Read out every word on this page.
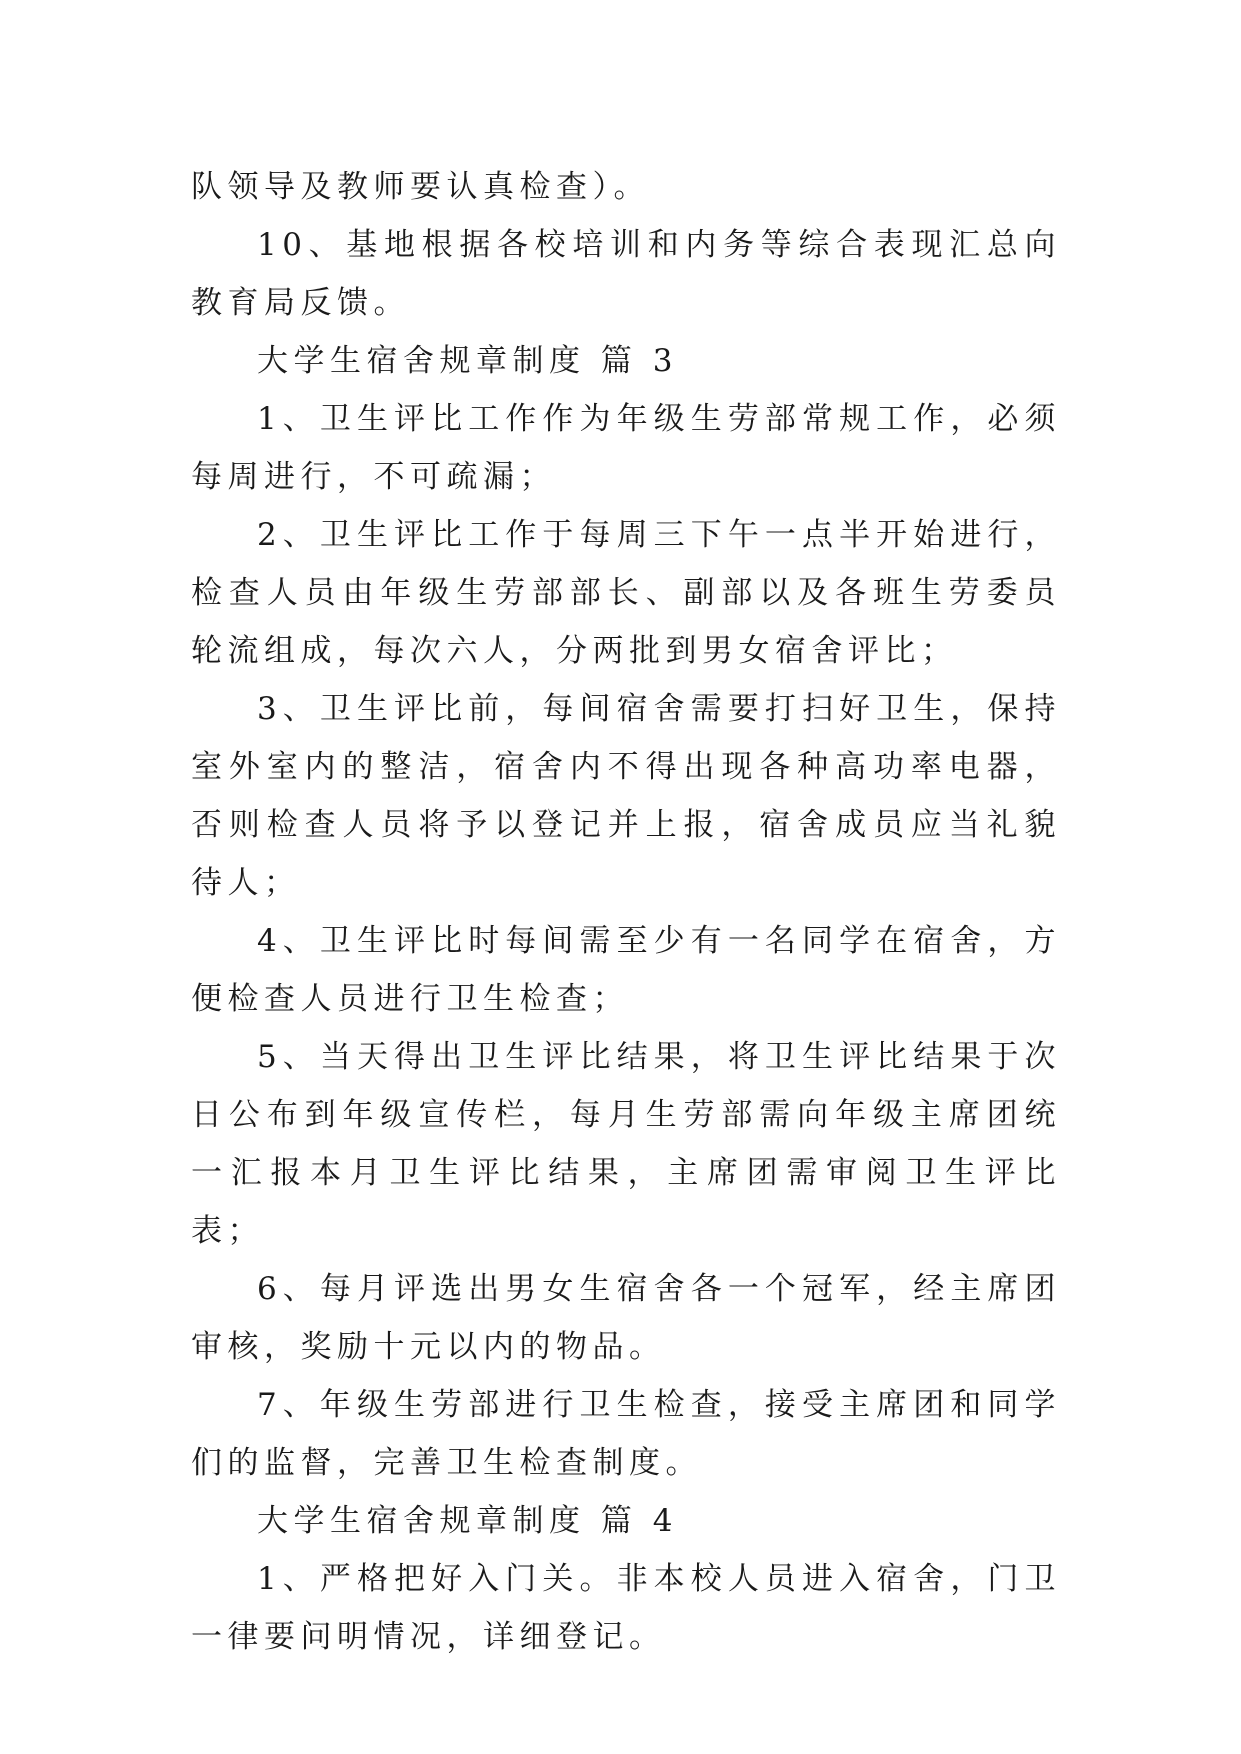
队领导及教师要认真检查）。

10、基地根据各校培训和内务等综合表现汇总向教育局反馈。

大学生宿舍规章制度 篇 3

1、卫生评比工作作为年级生劳部常规工作，必须每周进行，不可疏漏；

2、卫生评比工作于每周三下午一点半开始进行，检查人员由年级生劳部部长、副部以及各班生劳委员轮流组成，每次六人，分两批到男女宿舍评比；

3、卫生评比前，每间宿舍需要打扫好卫生，保持室外室内的整洁，宿舍内不得出现各种高功率电器，否则检查人员将予以登记并上报，宿舍成员应当礼貌待人；

4、卫生评比时每间需至少有一名同学在宿舍，方便检查人员进行卫生检查；

5、当天得出卫生评比结果，将卫生评比结果于次日公布到年级宣传栏，每月生劳部需向年级主席团统一汇报本月卫生评比结果，主席团需审阅卫生评比表；

6、每月评选出男女生宿舍各一个冠军，经主席团审核，奖励十元以内的物品。

7、年级生劳部进行卫生检查，接受主席团和同学们的监督，完善卫生检查制度。

大学生宿舍规章制度 篇 4

1、严格把好入门关。非本校人员进入宿舍，门卫一律要问明情况，详细登记。
